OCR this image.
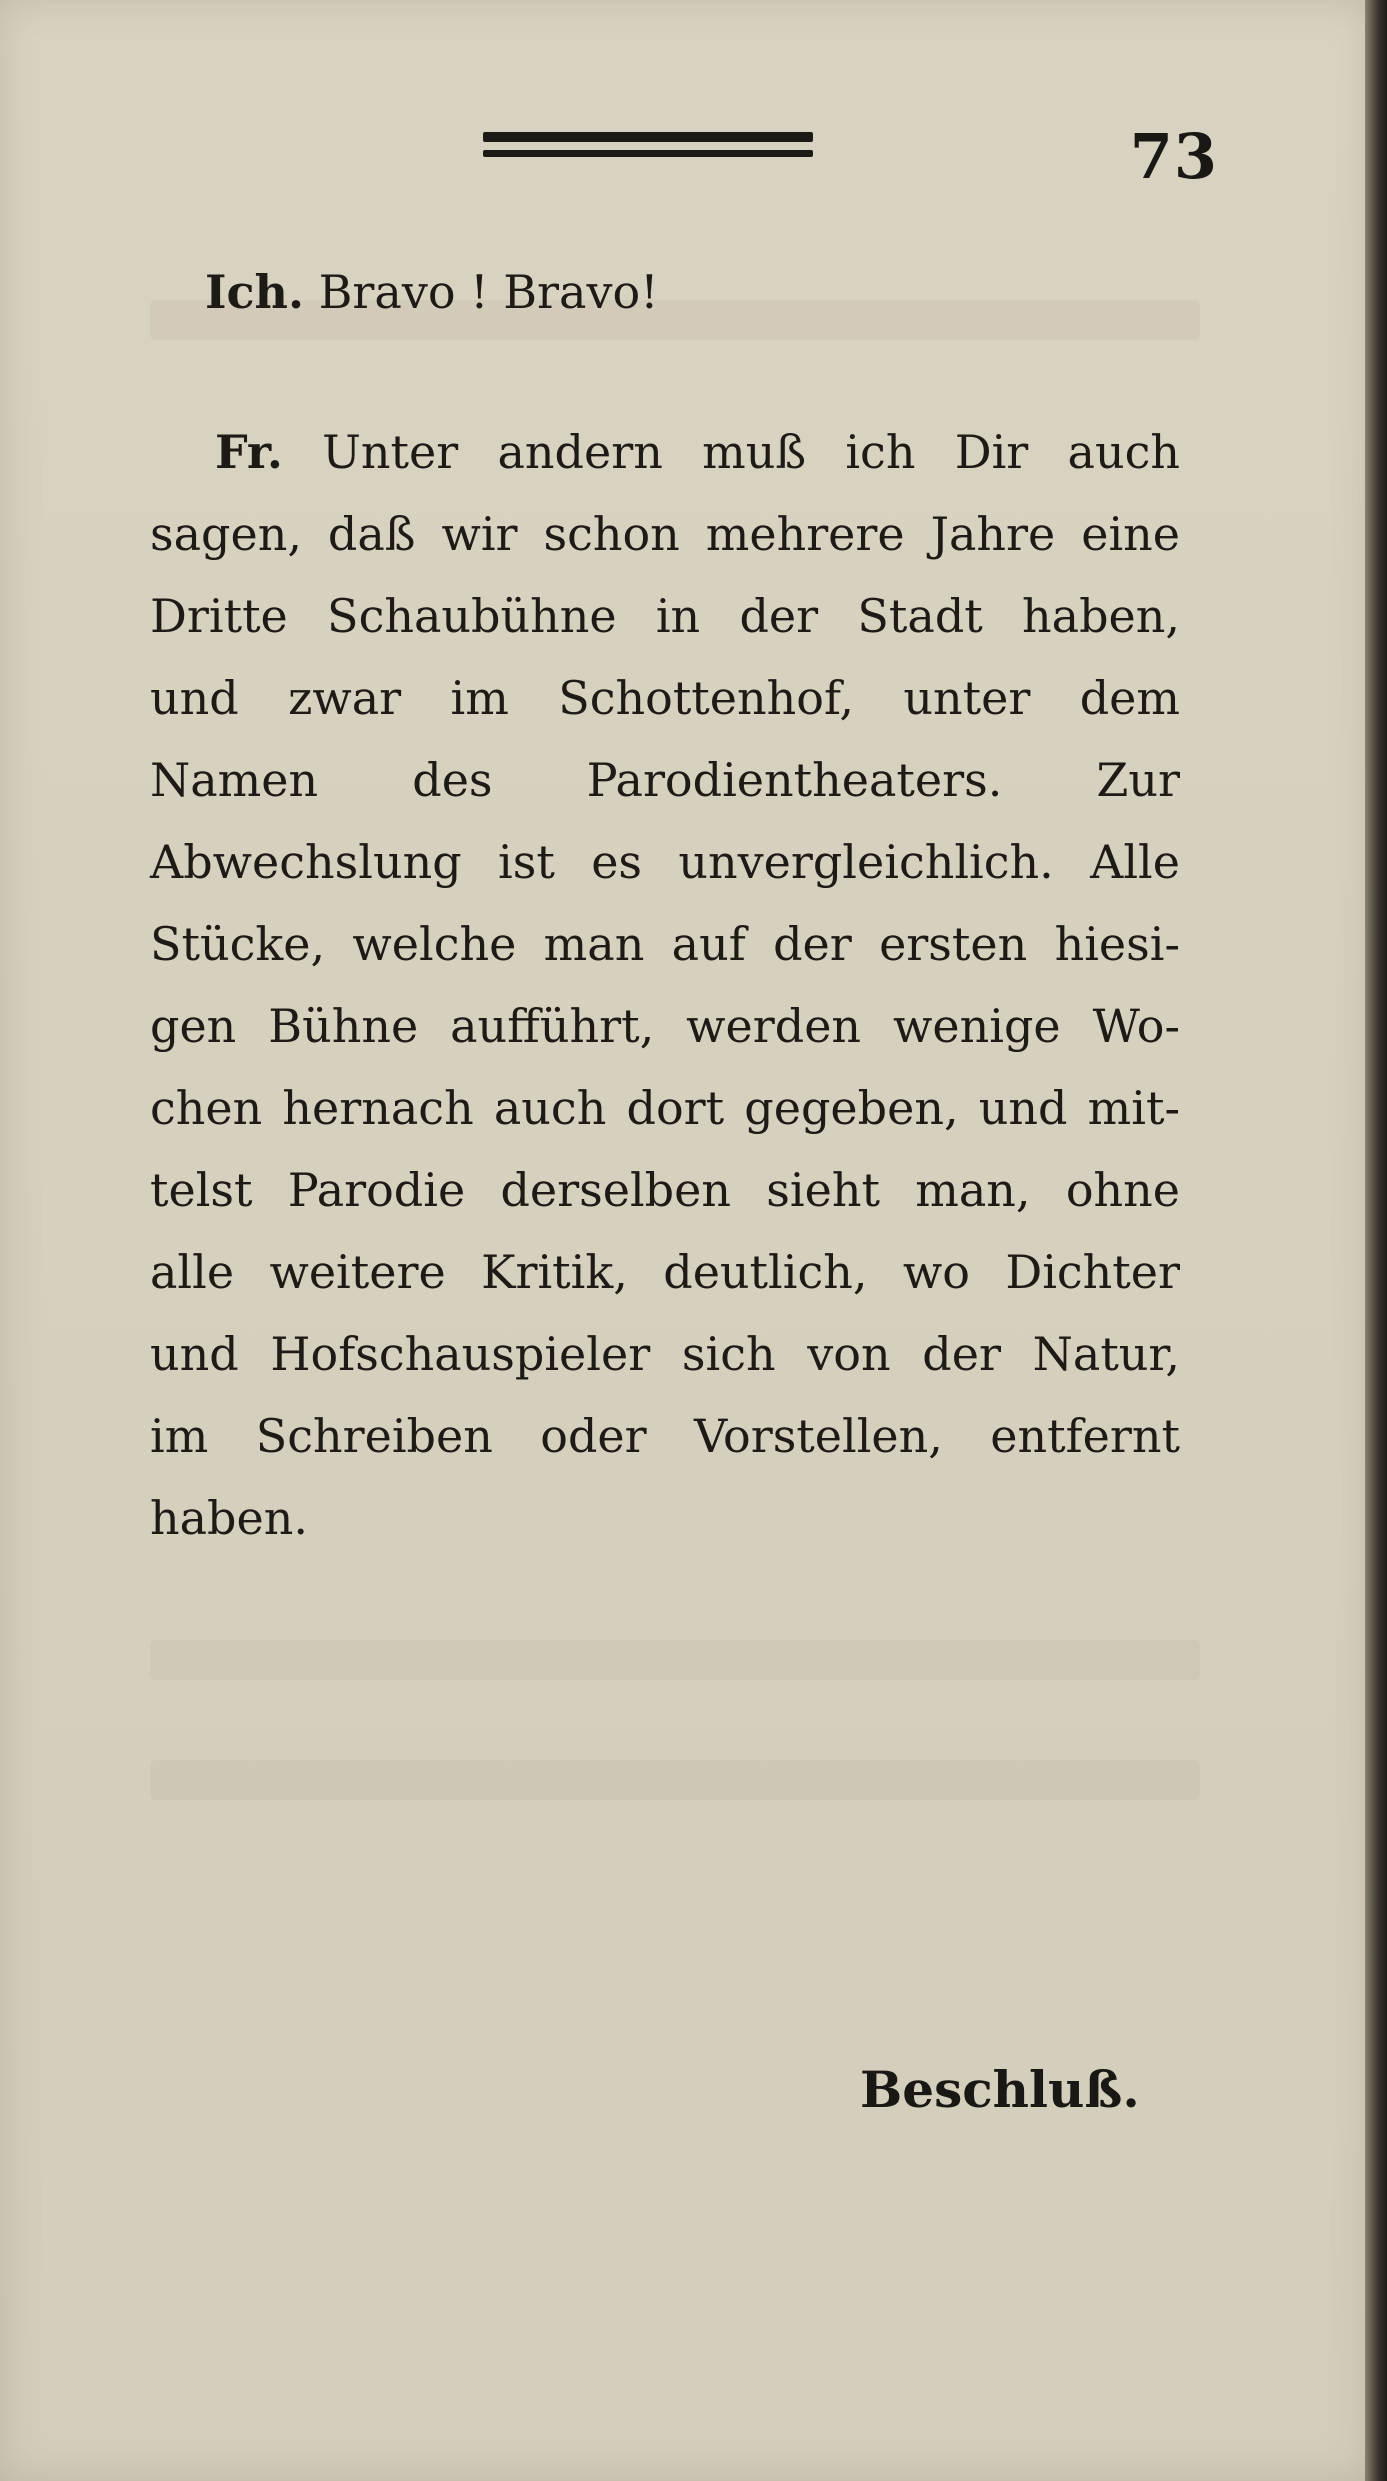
73

Ich. Bravo ! Bravo!

Fr. Unter andern muß ich Dir auch

sagen, daß wir schon mehrere Jahre eine

Dritte Schaubühne in der Stadt haben,

und zwar im Schottenhof, unter dem

Namen des Parodientheaters. Zur

Abwechslung ist es unvergleichlich. Alle

Stücke, welche man auf der ersten hiesi-

gen Bühne aufführt, werden wenige Wo-

chen hernach auch dort gegeben, und mit-

telst Parodie derselben sieht man, ohne

alle weitere Kritik, deutlich, wo Dichter

und Hofschauspieler sich von der Natur,

im Schreiben oder Vorstellen, entfernt

haben.

Beschluß.
